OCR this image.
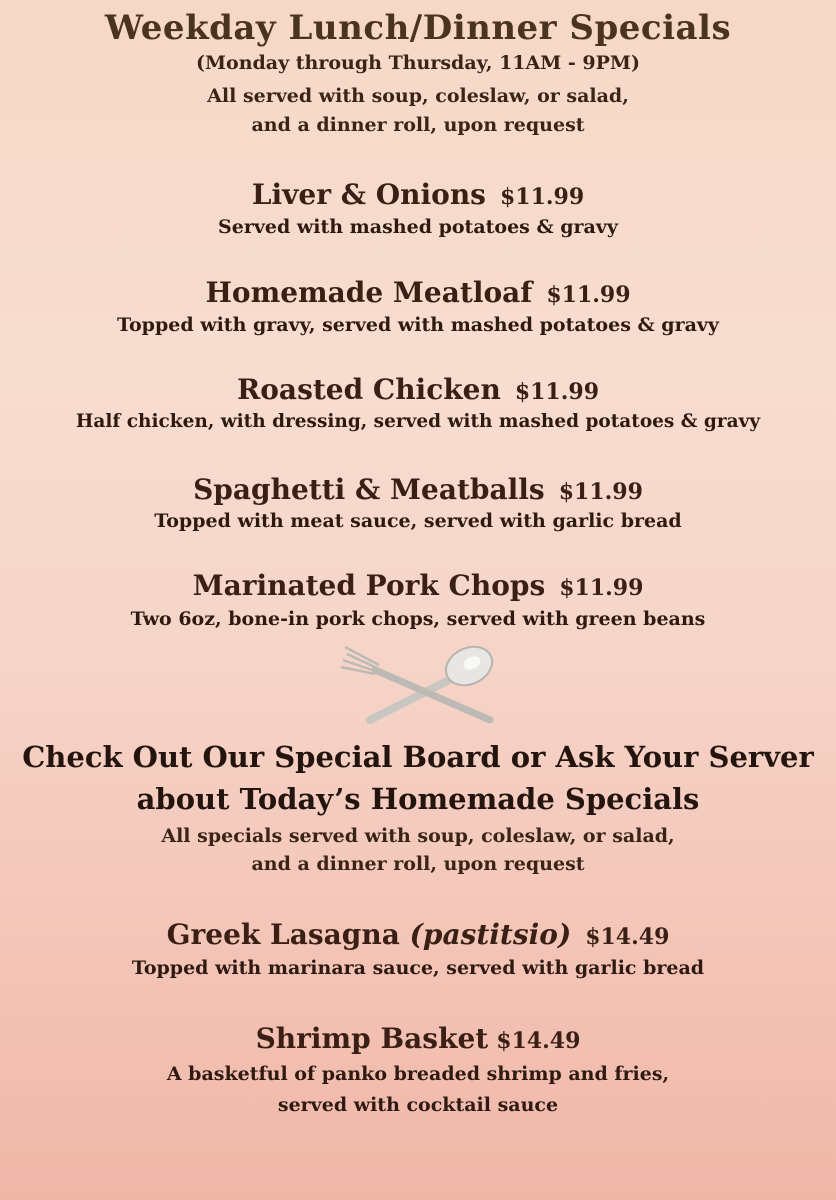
Weekday Lunch/Dinner Specials
(Monday through Thursday, 11AM - 9PM)
All served with soup, coleslaw, or salad,
and a dinner roll, upon request
Liver & Onions $11.99
Served with mashed potatoes & gravy
Homemade Meatloaf $11.99
Topped with gravy, served with mashed potatoes & gravy
Roasted Chicken $11.99
Half chicken, with dressing, served with mashed potatoes & gravy
Spaghetti & Meatballs $11.99
Topped with meat sauce, served with garlic bread
Marinated Pork Chops $11.99
Two 6oz, bone-in pork chops, served with green beans
Check Out Our Special Board or Ask Your Server
about Today’s Homemade Specials
All specials served with soup, coleslaw, or salad,
and a dinner roll, upon request
Greek Lasagna (pastitsio) $14.49
Topped with marinara sauce, served with garlic bread
Shrimp Basket $14.49
A basketful of panko breaded shrimp and fries,
served with cocktail sauce
